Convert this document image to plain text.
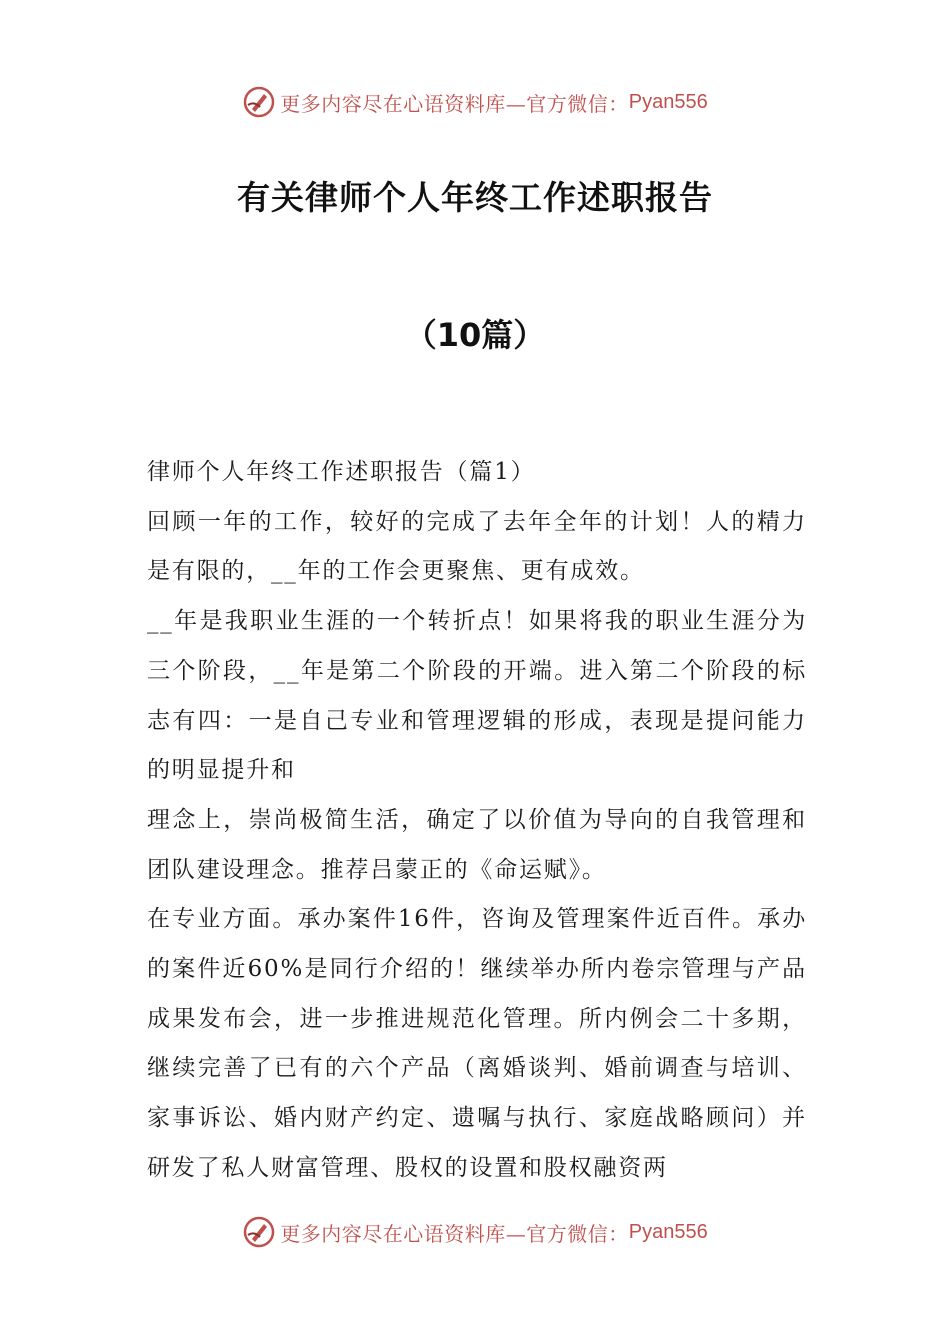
更多内容尽在心语资料库—官方微信： Pyan556
有关律师个人年终工作述职报告
（10篇）

律师个人年终工作述职报告（篇1）

回顾一年的工作，较好的完成了去年全年的计划！人的精力是有限的，__年的工作会更聚焦、更有成效。

__年是我职业生涯的一个转折点！如果将我的职业生涯分为三个阶段，__年是第二个阶段的开端。进入第二个阶段的标志有四：一是自己专业和管理逻辑的形成，表现是提问能力的明显提升和

理念上，崇尚极简生活，确定了以价值为导向的自我管理和团队建设理念。推荐吕蒙正的《命运赋》。

在专业方面。承办案件16件，咨询及管理案件近百件。承办的案件近60%是同行介绍的！继续举办所内卷宗管理与产品成果发布会，进一步推进规范化管理。所内例会二十多期，继续完善了已有的六个产品（离婚谈判、婚前调查与培训、家事诉讼、婚内财产约定、遗嘱与执行、家庭战略顾问）并研发了私人财富管理、股权的设置和股权融资两

更多内容尽在心语资料库—官方微信： Pyan556
